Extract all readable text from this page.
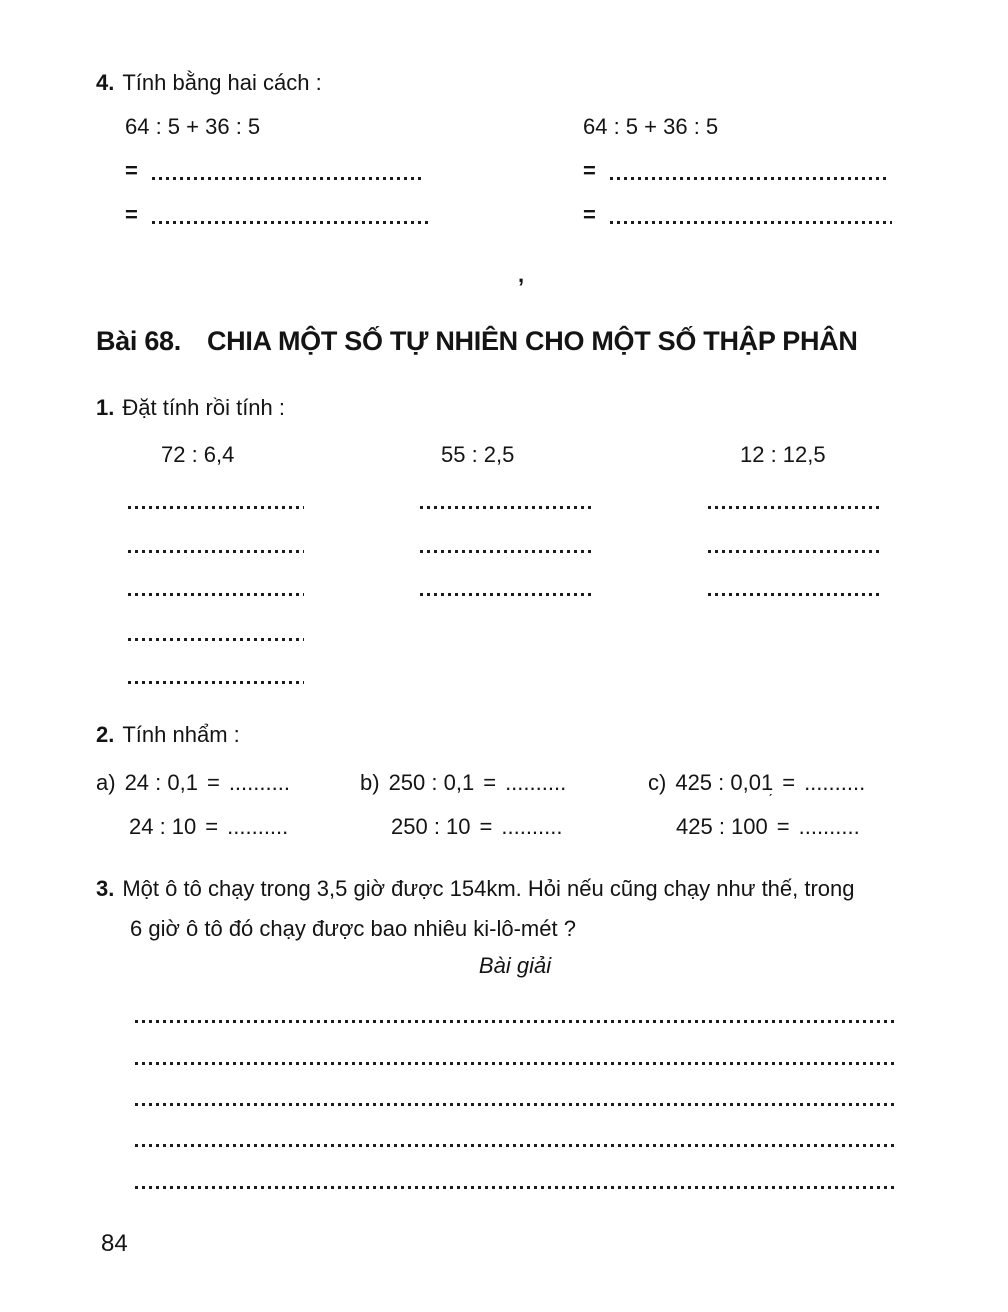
4. Tính bằng hai cách :
64 : 5 + 36 : 5	64 : 5 + 36 : 5
=
=
=
=
,
Bài 68. CHIA MỘT SỐ TỰ NHIÊN CHO MỘT SỐ THẬP PHÂN
1. Đặt tính rồi tính :
72 : 6,4	55 : 2,5	12 : 12,5
2. Tính nhẩm :
a) 24 : 0,1 = ..........	b) 250 : 0,1 = ..........	c) 425 : 0,01 = ..........
ˊ
24 : 10 = ..........	250 : 10 = ..........	425 : 100 = ..........
3. Một ô tô chạy trong 3,5 giờ được 154km. Hỏi nếu cũng chạy như thế, trong
6 giờ ô tô đó chạy được bao nhiêu ki-lô-mét ?
Bài giải
84
